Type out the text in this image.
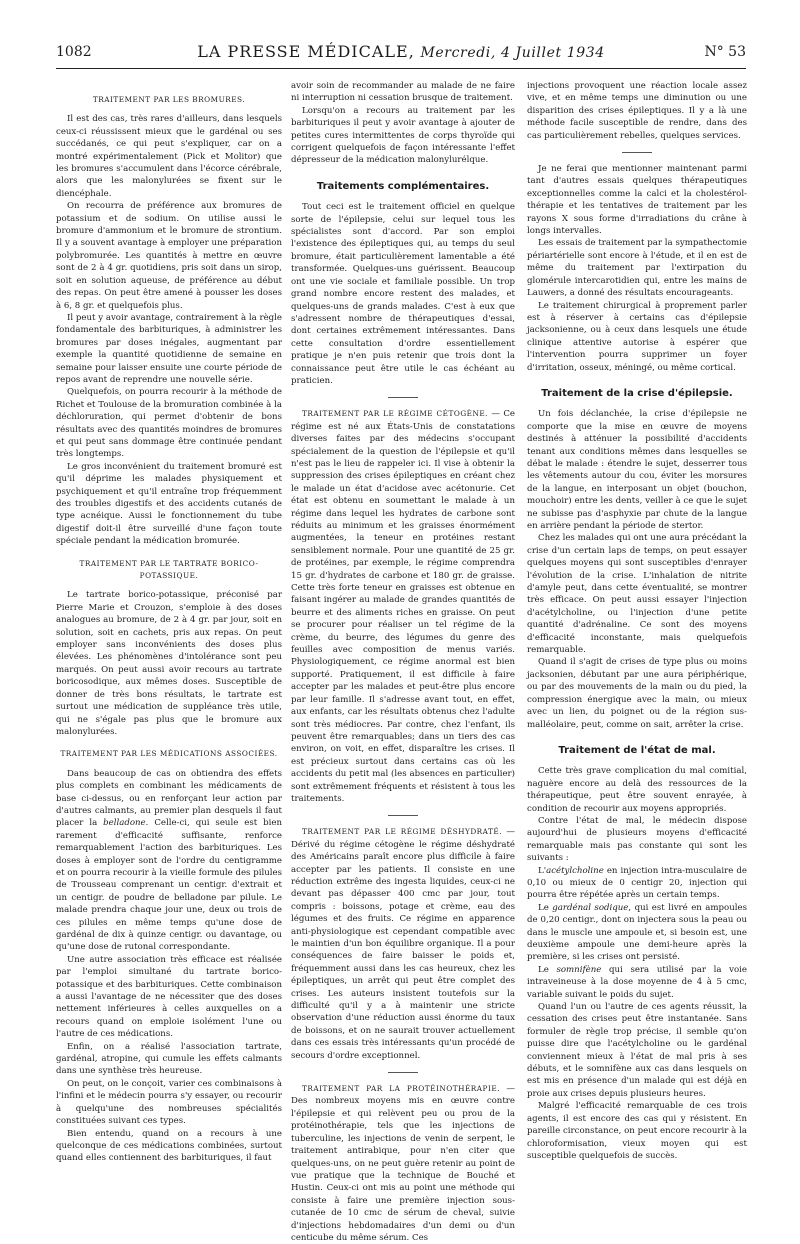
1082	LA PRESSE MÉDICALE, Mercredi, 4 Juillet 1934	N° 53
TRAITEMENT PAR LES BROMURES.

Il est des cas, très rares d'ailleurs, dans lesquels ceux-ci réussissent mieux que le gardénal ou ses succédanés, ce qui peut s'expliquer, car on a montré expérimentalement (Pick et Molitor) que les bromures s'accumulent dans l'écorce cérébrale, alors que les malonylurées se fixent sur le diencéphale.

On recourra de préférence aux bromures de potassium et de sodium. On utilise aussi le bromure d'ammonium et le bromure de strontium. Il y a souvent avantage à employer une préparation polybromurée. Les quantités à mettre en œuvre sont de 2 à 4 gr. quotidiens, pris soit dans un sirop, soit en solution aqueuse, de préférence au début des repas. On peut être amené à pousser les doses à 6, 8 gr. et quelquefois plus.

Il peut y avoir avantage, contrairement à la règle fondamentale des barbituriques, à administrer les bromures par doses inégales, augmentant par exemple la quantité quotidienne de semaine en semaine pour laisser ensuite une courte période de repos avant de reprendre une nouvelle série.

Quelquefois, on pourra recourir à la méthode de Richet et Toulouse de la bromuration combinée à la déchloruration, qui permet d'obtenir de bons résultats avec des quantités moindres de bromures et qui peut sans dommage être continuée pendant très longtemps.

Le gros inconvénient du traitement bromuré est qu'il déprime les malades physiquement et psychiquement et qu'il entraîne trop fréquemment des troubles digestifs et des accidents cutanés de type acnéique. Aussi le fonctionnement du tube digestif doit-il être surveillé d'une façon toute spéciale pendant la médication bromurée.

TRAITEMENT PAR LE TARTRATE BORICO-POTASSIQUE.

Le tartrate borico-potassique, préconisé par Pierre Marie et Crouzon, s'emploie à des doses analogues au bromure, de 2 à 4 gr. par jour, soit en solution, soit en cachets, pris aux repas. On peut employer sans inconvénients des doses plus élevées. Les phénomènes d'intolérance sont peu marqués. On peut aussi avoir recours au tartrate boricosodique, aux mêmes doses. Susceptible de donner de très bons résultats, le tartrate est surtout une médication de suppléance très utile, qui ne s'égale pas plus que le bromure aux malonylurées.

TRAITEMENT PAR LES MÉDICATIONS ASSOCIÉES.

Dans beaucoup de cas on obtiendra des effets plus complets en combinant les médicaments de base ci-dessus, ou en renforçant leur action par d'autres calmants, au premier plan desquels il faut placer la belladone. Celle-ci, qui seule est bien rarement d'efficacité suffisante, renforce remarquablement l'action des barbituriques. Les doses à employer sont de l'ordre du centigramme et on pourra recourir à la vieille formule des pilules de Trousseau comprenant un centigr. d'extrait et un centigr. de poudre de belladone par pilule. Le malade prendra chaque jour une, deux ou trois de ces pilules en même temps qu'une dose de gardénal de dix à quinze centigr. ou davantage, ou qu'une dose de rutonal correspondante.

Une autre association très efficace est réalisée par l'emploi simultané du tartrate borico-potassique et des barbituriques. Cette combinaison a aussi l'avantage de ne nécessiter que des doses nettement inférieures à celles auxquelles on a recours quand on emploie isolément l'une ou l'autre de ces médications.

Enfin, on a réalisé l'association tartrate, gardénal, atropine, qui cumule les effets calmants dans une synthèse très heureuse.

On peut, on le conçoit, varier ces combinaisons à l'infini et le médecin pourra s'y essayer, ou recourir à quelqu'une des nombreuses spécialités constituées suivant ces types.

Bien entendu, quand on a recours à une quelconque de ces médications combinées, surtout quand elles contiennent des barbituriques, il faut

avoir soin de recommander au malade de ne faire ni interruption ni cessation brusque de traitement.

Lorsqu'on a recours au traitement par les barbituriques il peut y avoir avantage à ajouter de petites cures intermittentes de corps thyroïde qui corrigent quelquefois de façon intéressante l'effet dépresseur de la médication malonylurélque.

Traitements complémentaires.

Tout ceci est le traitement officiel en quelque sorte de l'épilepsie, celui sur lequel tous les spécialistes sont d'accord. Par son emploi l'existence des épileptiques qui, au temps du seul bromure, était particulièrement lamentable a été transformée. Quelques-uns guérissent. Beaucoup ont une vie sociale et familiale possible. Un trop grand nombre encore restent des malades, et quelques-uns de grands malades. C'est à eux que s'adressent nombre de thérapeutiques d'essai, dont certaines extrêmement intéressantes. Dans cette consultation d'ordre essentiellement pratique je n'en puis retenir que trois dont la connaissance peut être utile le cas échéant au praticien.

TRAITEMENT PAR LE RÉGIME CÉTOGÈNE. — Ce régime est né aux États-Unis de constatations diverses faites par des médecins s'occupant spécialement de la question de l'épilepsie et qu'il n'est pas le lieu de rappeler ici. Il vise à obtenir la suppression des crises épileptiques en créant chez le malade un état d'acidose avec acétonurie. Cet état est obtenu en soumettant le malade à un régime dans lequel les hydrates de carbone sont réduits au minimum et les graisses énormément augmentées, la teneur en protéines restant sensiblement normale. Pour une quantité de 25 gr. de protéines, par exemple, le régime comprendra 15 gr. d'hydrates de carbone et 180 gr. de graisse. Cette très forte teneur en graisses est obtenue en faisant ingérer au malade de grandes quantités de beurre et des aliments riches en graisse. On peut se procurer pour réaliser un tel régime de la crème, du beurre, des légumes du genre des feuilles avec composition de menus variés. Physiologiquement, ce régime anormal est bien supporté. Pratiquement, il est difficile à faire accepter par les malades et peut-être plus encore par leur famille. Il s'adresse avant tout, en effet, aux enfants, car les résultats obtenus chez l'adulte sont très médiocres. Par contre, chez l'enfant, ils peuvent être remarquables; dans un tiers des cas environ, on voit, en effet, disparaître les crises. Il est précieux surtout dans certains cas où les accidents du petit mal (les absences en particulier) sont extrêmement fréquents et résistent à tous les traitements.

TRAITEMENT PAR LE RÉGIME DÉSHYDRATÉ. — Dérivé du régime cétogène le régime déshydraté des Américains paraît encore plus difficile à faire accepter par les patients. Il consiste en une réduction extrême des ingesta liquides, ceux-ci ne devant pas dépasser 400 cmc par jour, tout compris : boissons, potage et crème, eau des légumes et des fruits. Ce régime en apparence anti-physiologique est cependant compatible avec le maintien d'un bon équilibre organique. Il a pour conséquences de faire baisser le poids et, fréquemment aussi dans les cas heureux, chez les épileptiques, un arrêt qui peut être complet des crises. Les auteurs insistent toutefois sur la difficulté qu'il y a à maintenir une stricte observation d'une réduction aussi énorme du taux de boissons, et on ne saurait trouver actuellement dans ces essais très intéressants qu'un procédé de secours d'ordre exceptionnel.

TRAITEMENT PAR LA PROTÉINOTHÉRAPIE. — Des nombreux moyens mis en œuvre contre l'épilepsie et qui relèvent peu ou prou de la protéinothérapie, tels que les injections de tuberculine, les injections de venin de serpent, le traitement antirabique, pour n'en citer que quelques-uns, on ne peut guère retenir au point de vue pratique que la technique de Bouché et Hustin. Ceux-ci ont mis au point une méthode qui consiste à faire une première injection sous-cutanée de 10 cmc de sérum de cheval, suivie d'injections hebdomadaires d'un demi ou d'un centicube du même sérum. Ces

injections provoquent une réaction locale assez vive, et en même temps une diminution ou une disparition des crises épileptiques. Il y a là une méthode facile susceptible de rendre, dans des cas particulièrement rebelles, quelques services.

Je ne ferai que mentionner maintenant parmi tant d'autres essais quelques thérapeutiques exceptionnelles comme la calci et la cholestérol-thérapie et les tentatives de traitement par les rayons X sous forme d'irradiations du crâne à longs intervalles.

Les essais de traitement par la sympathectomie périartérielle sont encore à l'étude, et il en est de même du traitement par l'extirpation du glomérule intercarotidien qui, entre les mains de Lauwers, a donné des résultats encourageants.

Le traitement chirurgical à proprement parler est à réserver à certains cas d'épilepsie jacksonienne, ou à ceux dans lesquels une étude clinique attentive autorise à espérer que l'intervention pourra supprimer un foyer d'irritation, osseux, méningé, ou même cortical.

Traitement de la crise d'épilepsie.

Un fois déclanchée, la crise d'épilepsie ne comporte que la mise en œuvre de moyens destinés à atténuer la possibilité d'accidents tenant aux conditions mêmes dans lesquelles se débat le malade : étendre le sujet, desserrer tous les vêtements autour du cou, éviter les morsures de la langue, en interposant un objet (bouchon, mouchoir) entre les dents, veiller à ce que le sujet ne subisse pas d'asphyxie par chute de la langue en arrière pendant la période de stertor.

Chez les malades qui ont une aura précédant la crise d'un certain laps de temps, on peut essayer quelques moyens qui sont susceptibles d'enrayer l'évolution de la crise. L'inhalation de nitrite d'amyle peut, dans cette éventualité, se montrer très efficace. On peut aussi essayer l'injection d'acétylcholine, ou l'injection d'une petite quantité d'adrénaline. Ce sont des moyens d'efficacité inconstante, mais quelquefois remarquable.

Quand il s'agit de crises de type plus ou moins jacksonien, débutant par une aura périphérique, ou par des mouvements de la main ou du pied, la compression énergique avec la main, ou mieux avec un lien, du poignet ou de la région sus-malléolaire, peut, comme on sait, arrêter la crise.

Traitement de l'état de mal.

Cette très grave complication du mal comitial, naguère encore au delà des ressources de la thérapeutique, peut être souvent enrayée, à condition de recourir aux moyens appropriés.

Contre l'état de mal, le médecin dispose aujourd'hui de plusieurs moyens d'efficacité remarquable mais pas constante qui sont les suivants :

L'acétylcholine en injection intra-musculaire de 0,10 ou mieux de 0 centigr 20, injection qui pourra être répétée après un certain temps.

Le gardénal sodique, qui est livré en ampoules de 0,20 centigr., dont on injectera sous la peau ou dans le muscle une ampoule et, si besoin est, une deuxième ampoule une demi-heure après la première, si les crises ont persisté.

Le somnifène qui sera utilisé par la voie intraveineuse à la dose moyenne de 4 à 5 cmc, variable suivant le poids du sujet.

Quand l'un ou l'autre de ces agents réussit, la cessation des crises peut être instantanée. Sans formuler de règle trop précise, il semble qu'on puisse dire que l'acétylcholine ou le gardénal conviennent mieux à l'état de mal pris à ses débuts, et le somnifène aux cas dans lesquels on est mis en présence d'un malade qui est déjà en proie aux crises depuis plusieurs heures.

Malgré l'efficacité remarquable de ces trois agents, il est encore des cas qui y résistent. En pareille circonstance, on peut encore recourir à la chloroformisation, vieux moyen qui est susceptible quelquefois de succès.
